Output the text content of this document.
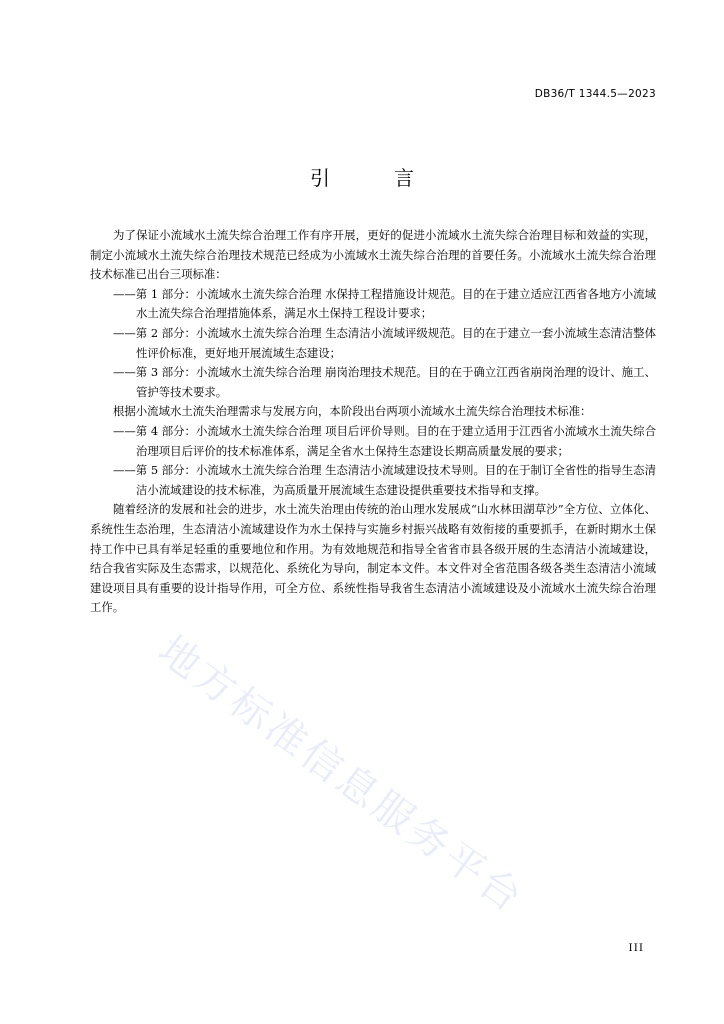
DB36/T 1344.5—2023
引　言

为了保证小流域水土流失综合治理工作有序开展，更好的促进小流域水土流失综合治理目标和效益的实现，制定小流域水土流失综合治理技术规范已经成为小流域水土流失综合治理的首要任务。小流域水土流失综合治理技术标准已出台三项标准：

——第 1 部分：小流域水土流失综合治理 水保持工程措施设计规范。目的在于建立适应江西省各地方小流域水土流失综合治理措施体系，满足水土保持工程设计要求；

——第 2 部分：小流域水土流失综合治理 生态清洁小流域评级规范。目的在于建立一套小流域生态清洁整体性评价标准，更好地开展流域生态建设；

——第 3 部分：小流域水土流失综合治理 崩岗治理技术规范。目的在于确立江西省崩岗治理的设计、施工、管护等技术要求。

根据小流域水土流失治理需求与发展方向，本阶段出台两项小流域水土流失综合治理技术标准：

——第 4 部分：小流域水土流失综合治理 项目后评价导则。目的在于建立适用于江西省小流域水土流失综合治理项目后评价的技术标准体系，满足全省水土保持生态建设长期高质量发展的要求；

——第 5 部分：小流域水土流失综合治理 生态清洁小流域建设技术导则。目的在于制订全省性的指导生态清洁小流域建设的技术标准，为高质量开展流域生态建设提供重要技术指导和支撑。

随着经济的发展和社会的进步，水土流失治理由传统的治山理水发展成“山水林田湖草沙”全方位、立体化、系统性生态治理，生态清洁小流域建设作为水土保持与实施乡村振兴战略有效衔接的重要抓手，在新时期水土保持工作中已具有举足轻重的重要地位和作用。为有效地规范和指导全省省市县各级开展的生态清洁小流域建设，结合我省实际及生态需求，以规范化、系统化为导向，制定本文件。本文件对全省范围各级各类生态清洁小流域建设项目具有重要的设计指导作用，可全方位、系统性指导我省生态清洁小流域建设及小流域水土流失综合治理工作。

地方标准信息服务平台
III
